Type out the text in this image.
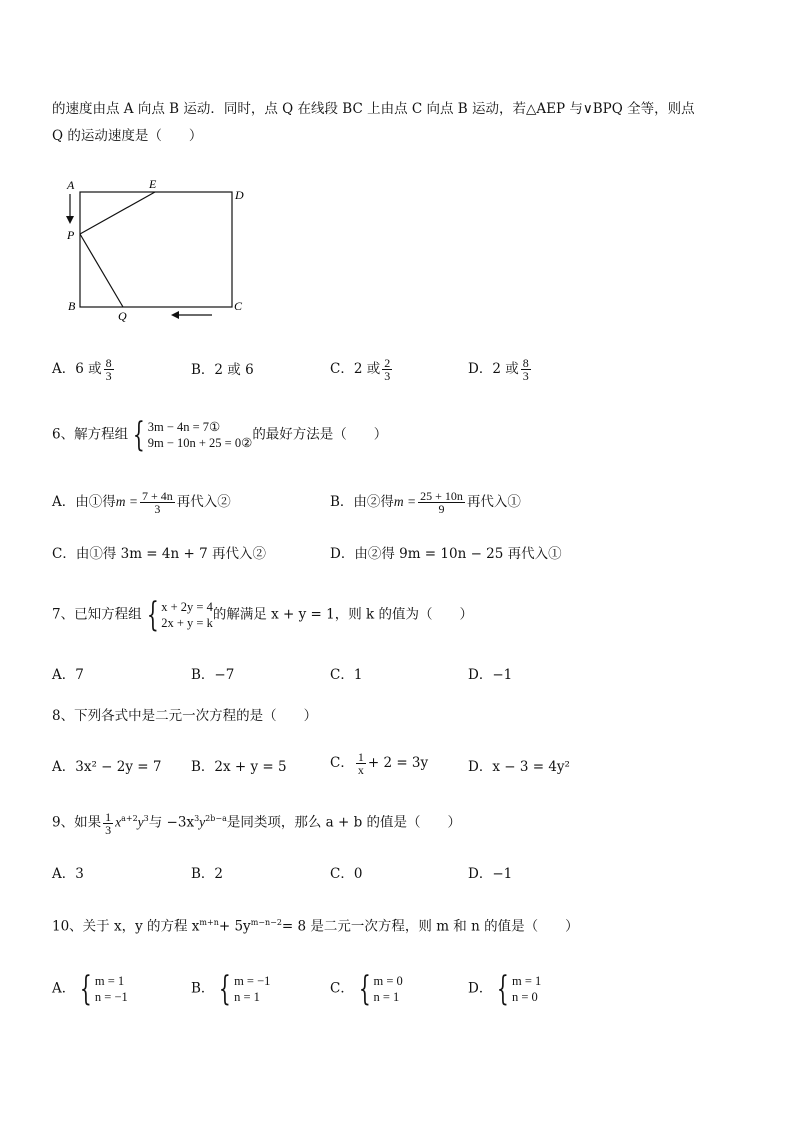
的速度由点 A 向点 B 运动．同时，点 Q 在线段 BC 上由点 C 向点 B 运动，若△AEP 与∨BPQ 全等，则点
Q 的运动速度是（　　）
A	E
D
P
B
Q
C
A．6 或 $\frac{8}{3}$	B．2 或 6	C．2 或 $\frac{2}{3}$	D．2 或 $\frac{8}{3}$
6、解方程组 { 3m − 4n = 7①
9m − 10n + 25 = 0②
的最好方法是（　　）
A．由①得$m = \frac{7 + 4n}{3}$ 再代入②	B．由②得$m = \frac{25 + 10n}{9}$ 再代入①
C．由①得 3m = 4n + 7 再代入②	D．由②得 9m = 10n − 25 再代入①
7、已知方程组 { x + 2y = 4
2x + y = k
的解满足 x + y = 1，则 k 的值为（　　）
A．7	B．−7	C．1	D．−1
8、下列各式中是二元一次方程的是（　　）
A．3x² − 2y = 7 B．2x + y = 5	C． $\frac{1}{x} + 2 = 3y$	D．x − 3 = 4y²
9、如果 $\frac{1}{3} x^{a+2}y^3$与 $-3x^3y^{2b-a}$是同类项，那么 a + b 的值是（　　）
A．3	B．2	C．0	D．−1
10、关于 x，y 的方程 $x^{m+n}+ 5y^{m-n-2}= 8$ 是二元一次方程，则 m 和 n 的值是（　　）
A． { m = 1
n = −1
B． { m = −1
n = 1
C． { m = 0
n = 1
D． { m = 1
n = 0
